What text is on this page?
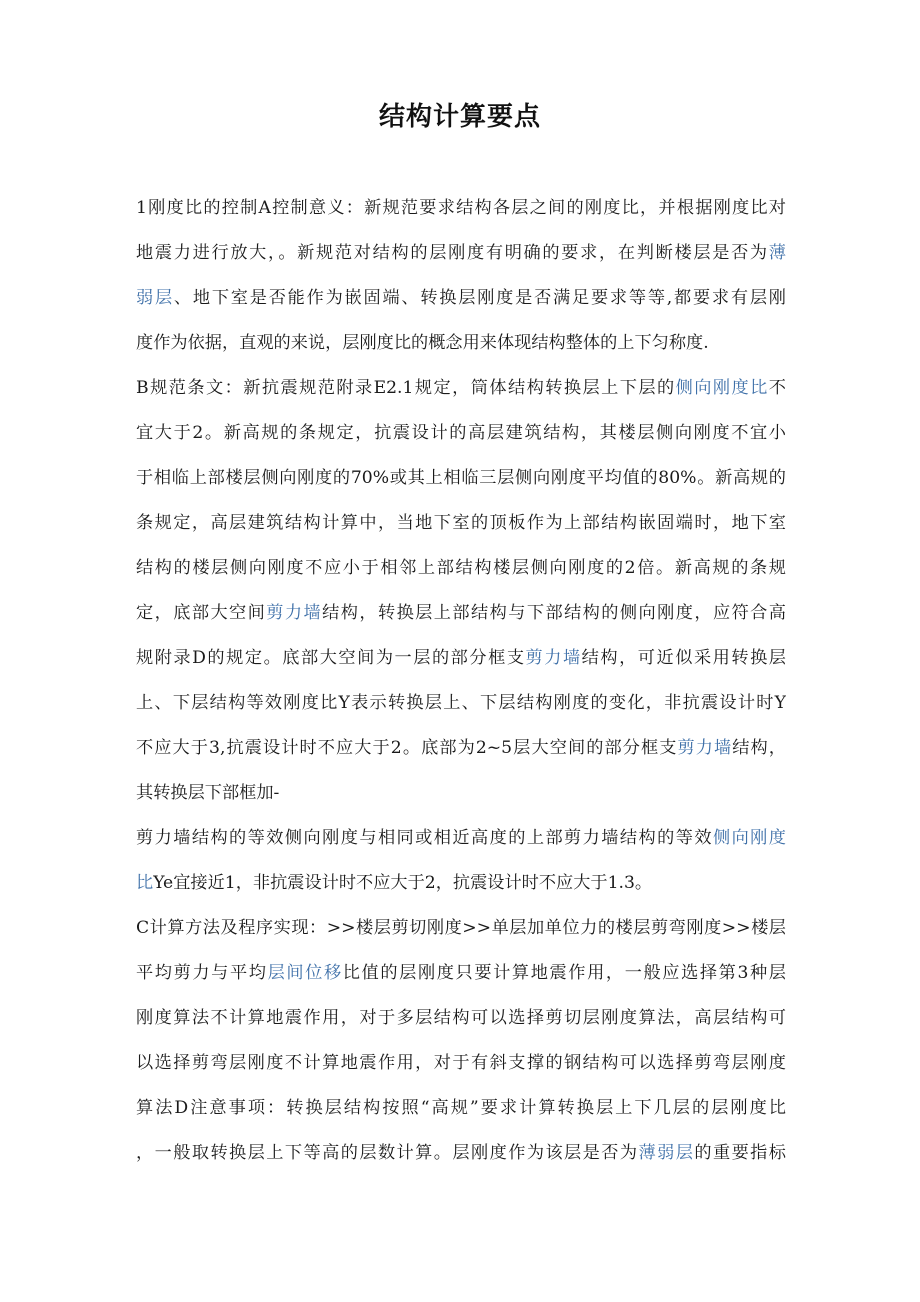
结构计算要点
1刚度比的控制A控制意义：新规范要求结构各层之间的刚度比，并根据刚度比对
地震力进行放大，。新规范对结构的层刚度有明确的要求，在判断楼层是否为薄
弱层、地下室是否能作为嵌固端、转换层刚度是否满足要求等等,都要求有层刚
度作为依据，直观的来说，层刚度比的概念用来体现结构整体的上下匀称度.
B规范条文：新抗震规范附录E2.1规定，筒体结构转换层上下层的侧向刚度比不
宜大于2。新高规的条规定，抗震设计的高层建筑结构，其楼层侧向刚度不宜小
于相临上部楼层侧向刚度的70%或其上相临三层侧向刚度平均值的80%。新高规的
条规定，高层建筑结构计算中，当地下室的顶板作为上部结构嵌固端时，地下室
结构的楼层侧向刚度不应小于相邻上部结构楼层侧向刚度的2倍。新高规的条规
定，底部大空间剪力墙结构，转换层上部结构与下部结构的侧向刚度，应符合高
规附录D的规定。底部大空间为一层的部分框支剪力墙结构，可近似采用转换层
上、下层结构等效刚度比Y表示转换层上、下层结构刚度的变化，非抗震设计时Y
不应大于3,抗震设计时不应大于2。底部为2~5层大空间的部分框支剪力墙结构，
其转换层下部框加-
剪力墙结构的等效侧向刚度与相同或相近高度的上部剪力墙结构的等效侧向刚度
比Ye宜接近1，非抗震设计时不应大于2，抗震设计时不应大于1.3。
C计算方法及程序实现：>>楼层剪切刚度>>单层加单位力的楼层剪弯刚度>>楼层
平均剪力与平均层间位移比值的层刚度只要计算地震作用，一般应选择第3种层
刚度算法不计算地震作用，对于多层结构可以选择剪切层刚度算法，高层结构可
以选择剪弯层刚度不计算地震作用，对于有斜支撑的钢结构可以选择剪弯层刚度
算法D注意事项：转换层结构按照“高规”要求计算转换层上下几层的层刚度比
，一般取转换层上下等高的层数计算。层刚度作为该层是否为薄弱层的重要指标
